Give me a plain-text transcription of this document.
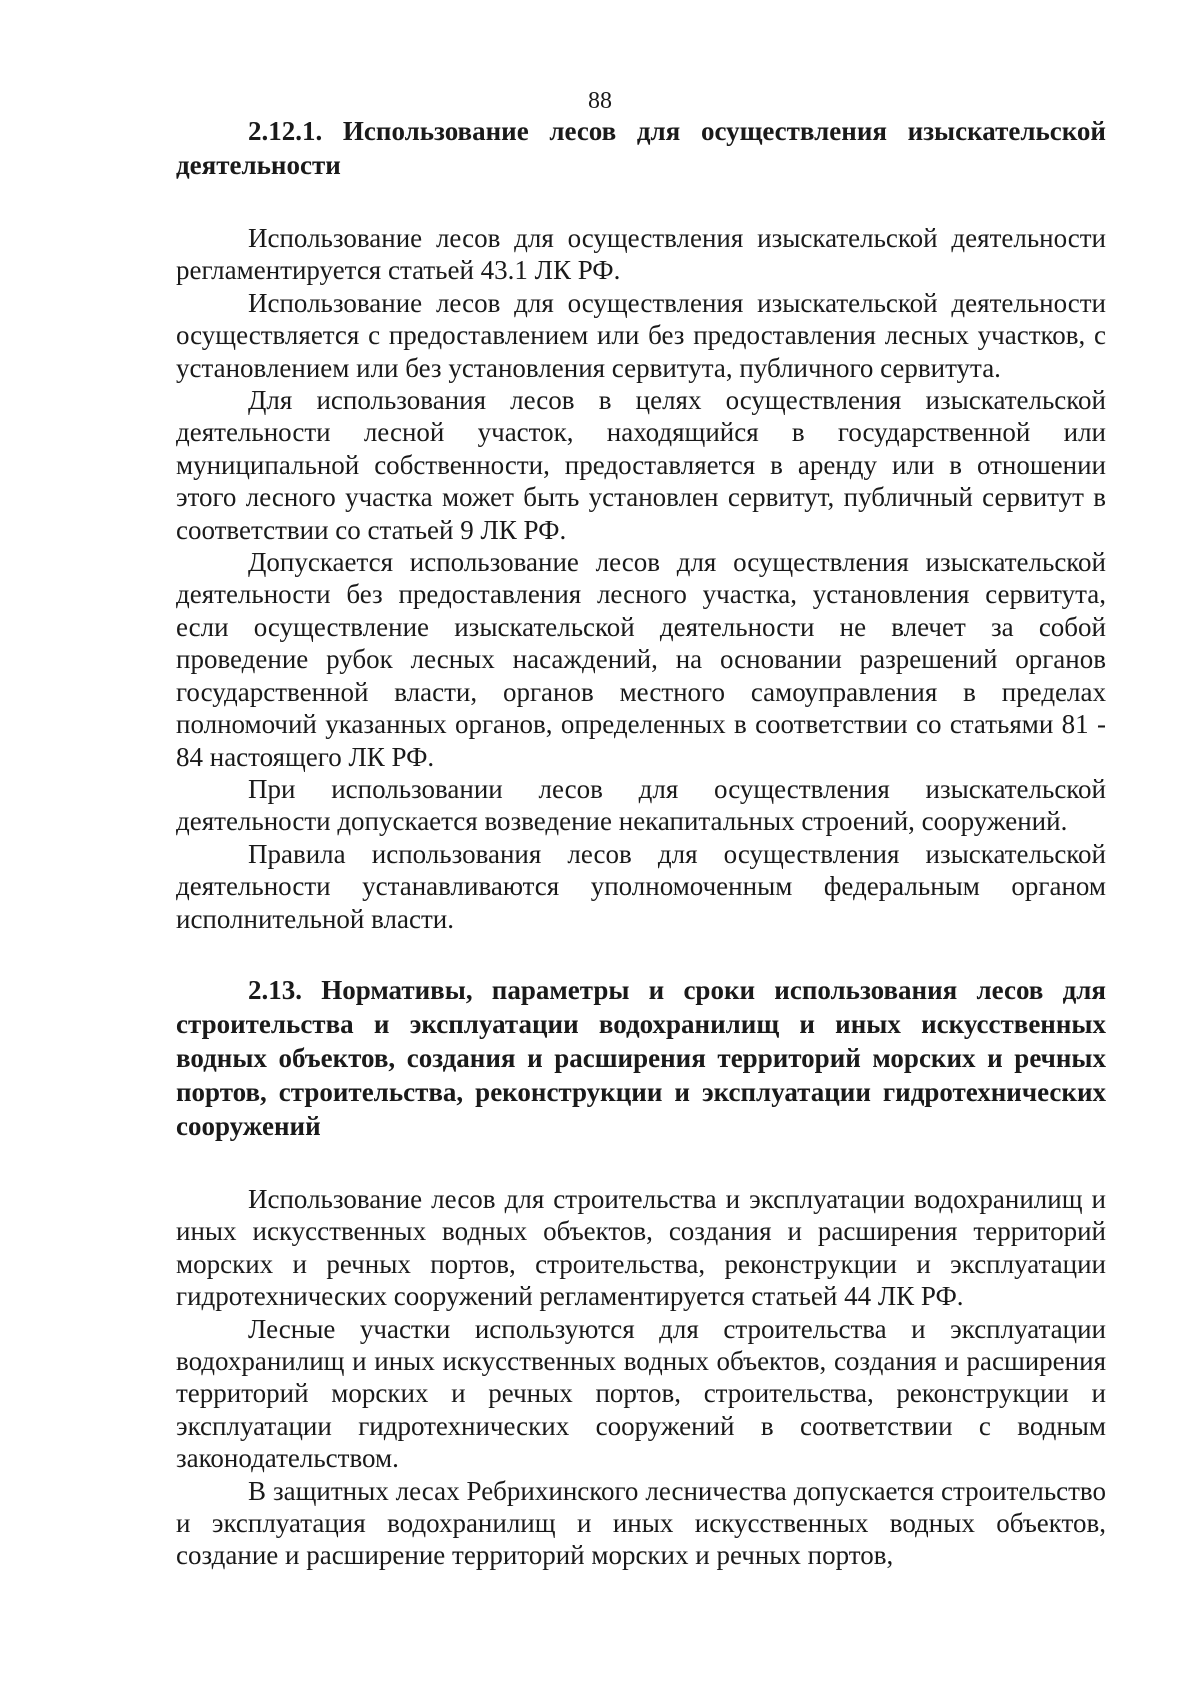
88

2.12.1. Использование лесов для осуществления изыскательской деятельности

Использование лесов для осуществления изыскательской деятельности регламентируется статьей 43.1 ЛК РФ.

Использование лесов для осуществления изыскательской деятельности осуществляется с предоставлением или без предоставления лесных участков, с установлением или без установления сервитута, публичного сервитута.

Для использования лесов в целях осуществления изыскательской деятельности лесной участок, находящийся в государственной или муниципальной собственности, предоставляется в аренду или в отношении этого лесного участка может быть установлен сервитут, публичный сервитут в соответствии со статьей 9 ЛК РФ.

Допускается использование лесов для осуществления изыскательской деятельности без предоставления лесного участка, установления сервитута, если осуществление изыскательской деятельности не влечет за собой проведение рубок лесных насаждений, на основании разрешений органов государственной власти, органов местного самоуправления в пределах полномочий указанных органов, определенных в соответствии со статьями 81 - 84 настоящего ЛК РФ.

При использовании лесов для осуществления изыскательской деятельности допускается возведение некапитальных строений, сооружений.

Правила использования лесов для осуществления изыскательской деятельности устанавливаются уполномоченным федеральным органом исполнительной власти.

2.13. Нормативы, параметры и сроки использования лесов для строительства и эксплуатации водохранилищ и иных искусственных водных объектов, создания и расширения территорий морских и речных портов, строительства, реконструкции и эксплуатации гидротехнических сооружений

Использование лесов для строительства и эксплуатации водохранилищ и иных искусственных водных объектов, создания и расширения территорий морских и речных портов, строительства, реконструкции и эксплуатации гидротехнических сооружений регламентируется статьей 44 ЛК РФ.

Лесные участки используются для строительства и эксплуатации водохранилищ и иных искусственных водных объектов, создания и расширения территорий морских и речных портов, строительства, реконструкции и эксплуатации гидротехнических сооружений в соответствии с водным законодательством.

В защитных лесах Ребрихинского лесничества допускается строительство и эксплуатация водохранилищ и иных искусственных водных объектов, создание и расширение территорий морских и речных портов,
